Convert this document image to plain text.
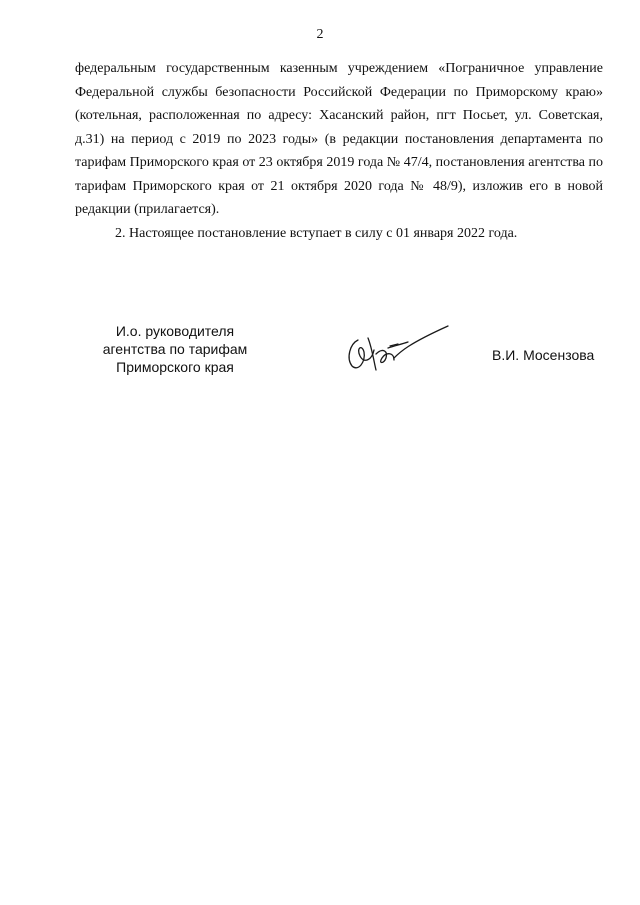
2

федеральным государственным казенным учреждением «Пограничное управление Федеральной службы безопасности Российской Федерации по Приморскому краю» (котельная, расположенная по адресу: Хасанский район, пгт Посьет, ул. Советская, д.31) на период с 2019 по 2023 годы» (в редакции постановления департамента по тарифам Приморского края от 23 октября 2019 года № 47/4, постановления агентства по тарифам Приморского края от 21 октября 2020 года № 48/9), изложив его в новой редакции (прилагается).

2. Настоящее постановление вступает в силу с 01 января 2022 года.

И.о. руководителя
агентства по тарифам
Приморского края
В.И. Мосензова
